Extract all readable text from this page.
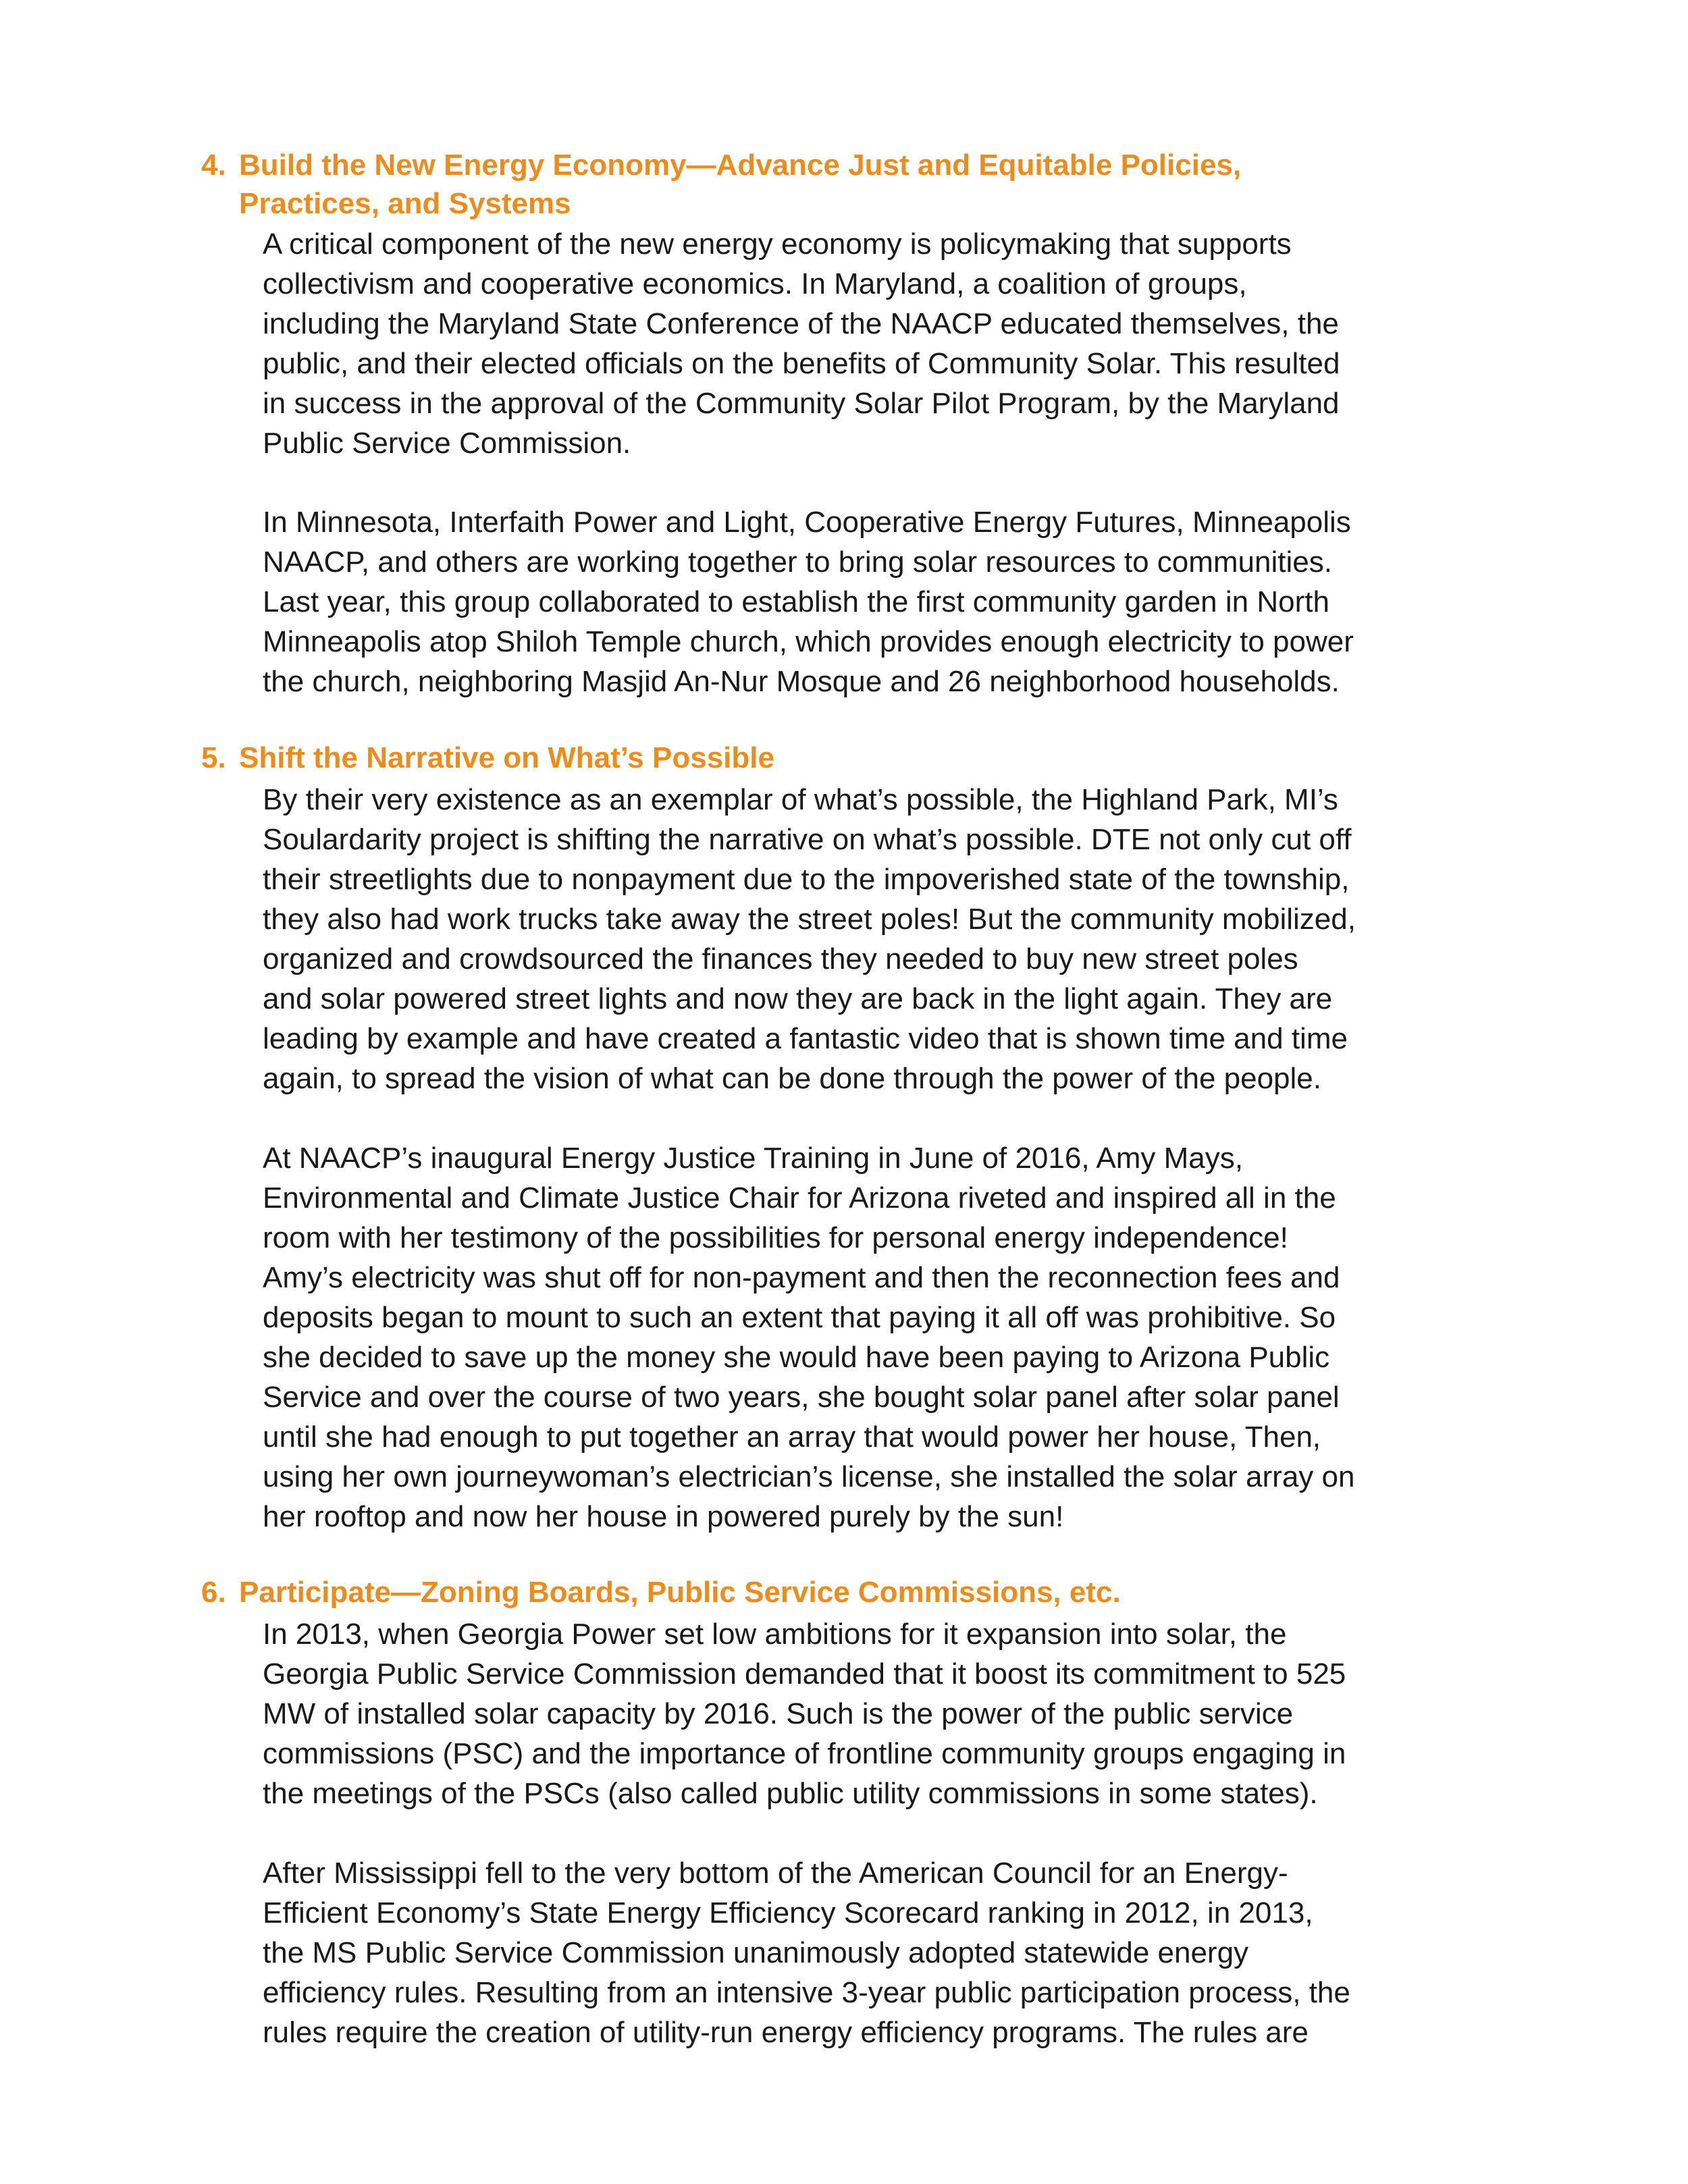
4. Build the New Energy Economy—Advance Just and Equitable Policies,
Practices, and Systems

A critical component of the new energy economy is policymaking that supports
collectivism and cooperative economics. In Maryland, a coalition of groups,
including the Maryland State Conference of the NAACP educated themselves, the
public, and their elected officials on the benefits of Community Solar. This resulted
in success in the approval of the Community Solar Pilot Program, by the Maryland
Public Service Commission.

In Minnesota, Interfaith Power and Light, Cooperative Energy Futures, Minneapolis
NAACP, and others are working together to bring solar resources to communities.
Last year, this group collaborated to establish the first community garden in North
Minneapolis atop Shiloh Temple church, which provides enough electricity to power
the church, neighboring Masjid An-Nur Mosque and 26 neighborhood households.

5. Shift the Narrative on What’s Possible

By their very existence as an exemplar of what’s possible, the Highland Park, MI’s
Soulardarity project is shifting the narrative on what’s possible. DTE not only cut off
their streetlights due to nonpayment due to the impoverished state of the township,
they also had work trucks take away the street poles! But the community mobilized,
organized and crowdsourced the finances they needed to buy new street poles
and solar powered street lights and now they are back in the light again. They are
leading by example and have created a fantastic video that is shown time and time
again, to spread the vision of what can be done through the power of the people.

At NAACP’s inaugural Energy Justice Training in June of 2016, Amy Mays,
Environmental and Climate Justice Chair for Arizona riveted and inspired all in the
room with her testimony of the possibilities for personal energy independence!
Amy’s electricity was shut off for non-payment and then the reconnection fees and
deposits began to mount to such an extent that paying it all off was prohibitive. So
she decided to save up the money she would have been paying to Arizona Public
Service and over the course of two years, she bought solar panel after solar panel
until she had enough to put together an array that would power her house, Then,
using her own journeywoman’s electrician’s license, she installed the solar array on
her rooftop and now her house in powered purely by the sun!

6. Participate—Zoning Boards, Public Service Commissions, etc.

In 2013, when Georgia Power set low ambitions for it expansion into solar, the
Georgia Public Service Commission demanded that it boost its commitment to 525
MW of installed solar capacity by 2016. Such is the power of the public service
commissions (PSC) and the importance of frontline community groups engaging in
the meetings of the PSCs (also called public utility commissions in some states).

After Mississippi fell to the very bottom of the American Council for an Energy-
Efficient Economy’s State Energy Efficiency Scorecard ranking in 2012, in 2013,
the MS Public Service Commission unanimously adopted statewide energy
efficiency rules. Resulting from an intensive 3-year public participation process, the
rules require the creation of utility-run energy efficiency programs. The rules are
